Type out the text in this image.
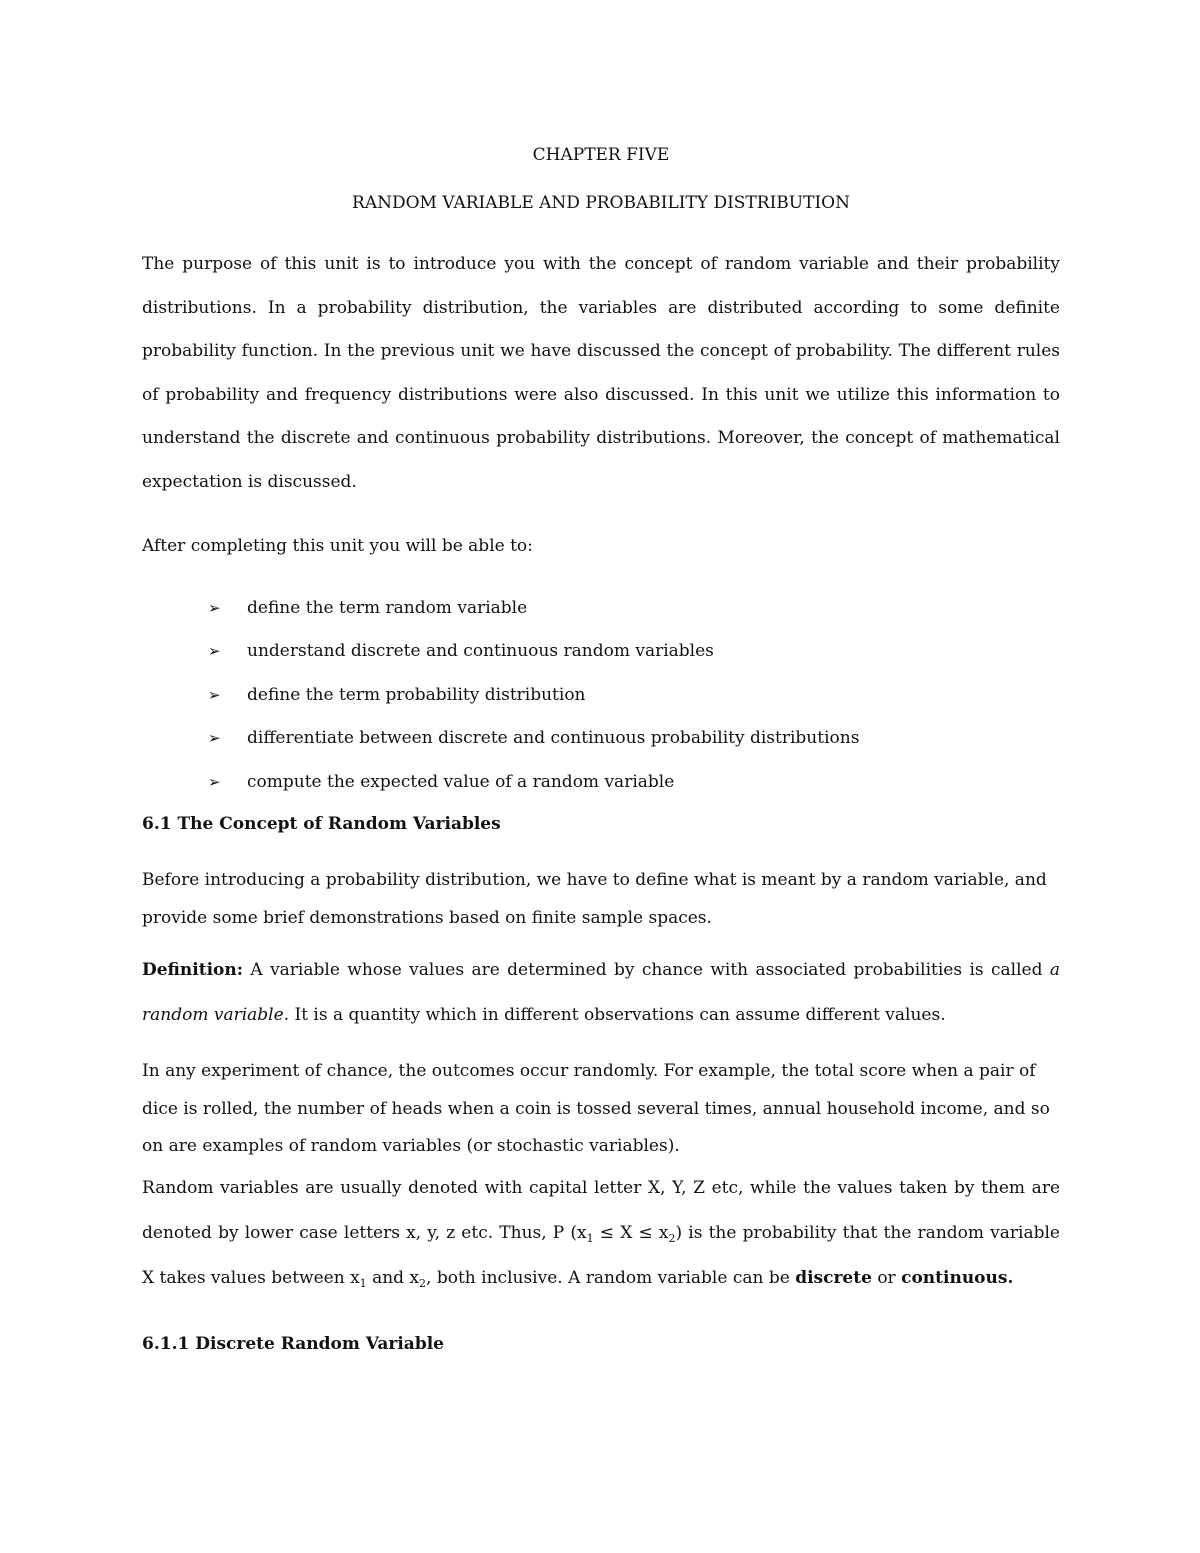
CHAPTER FIVE

RANDOM VARIABLE AND PROBABILITY DISTRIBUTION

The purpose of this unit is to introduce you with the concept of random variable and their probability distributions. In a probability distribution, the variables are distributed according to some definite probability function. In the previous unit we have discussed the concept of probability. The different rules of probability and frequency distributions were also discussed. In this unit we utilize this information to understand the discrete and continuous probability distributions. Moreover, the concept of mathematical expectation is discussed.

After completing this unit you will be able to:

➢ define the term random variable
➢ understand discrete and continuous random variables
➢ define the term probability distribution
➢ differentiate between discrete and continuous probability distributions
➢ compute the expected value of a random variable
6.1 The Concept of Random Variables

Before introducing a probability distribution, we have to define what is meant by a random variable, and provide some brief demonstrations based on finite sample spaces.

Definition: A variable whose values are determined by chance with associated probabilities is called a random variable. It is a quantity which in different observations can assume different values.

In any experiment of chance, the outcomes occur randomly. For example, the total score when a pair of dice is rolled, the number of heads when a coin is tossed several times, annual household income, and so on are examples of random variables (or stochastic variables).

Random variables are usually denoted with capital letter X, Y, Z etc, while the values taken by them are denoted by lower case letters x, y, z etc. Thus, P $(x_1 \le X \le x_2)$ is the probability that the random variable X takes values between $x_1$ and $x_2$, both inclusive. A random variable can be discrete or continuous.

6.1.1 Discrete Random Variable
